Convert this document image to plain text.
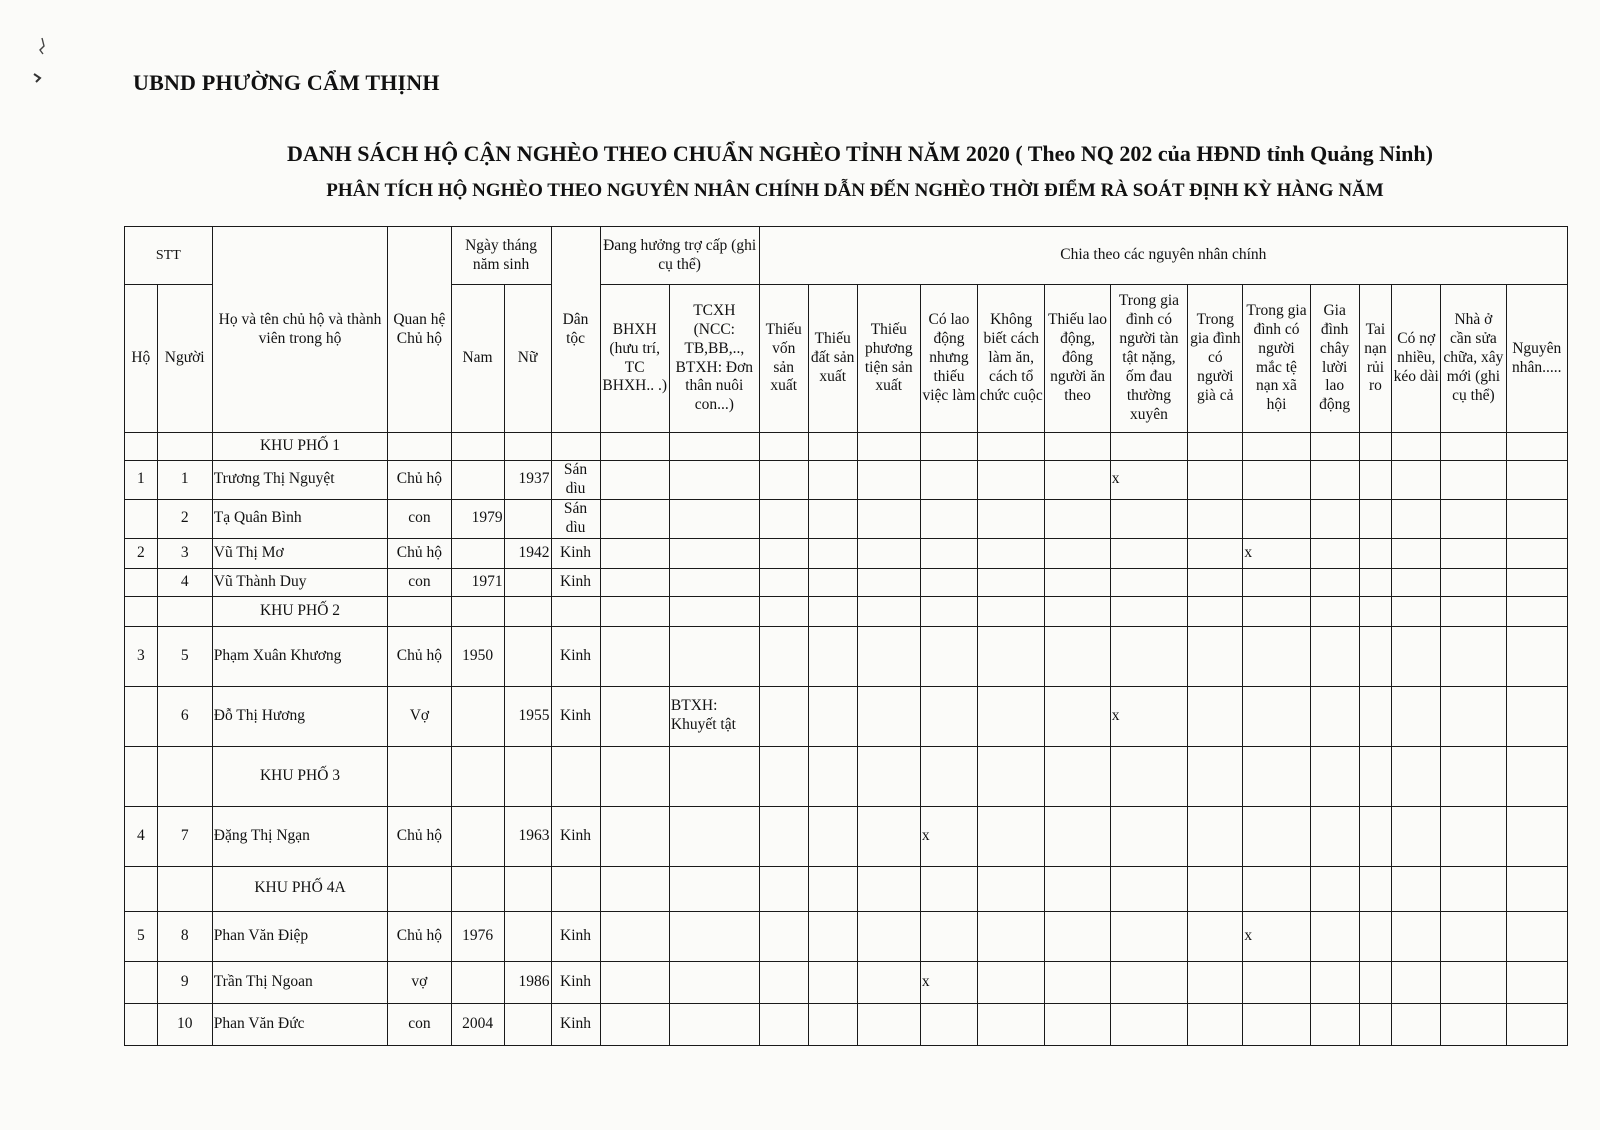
UBND PHƯỜNG CẨM THỊNH
DANH SÁCH HỘ CẬN NGHÈO THEO CHUẨN NGHÈO TỈNH NĂM 2020 ( Theo NQ 202 của HĐND tỉnh Quảng Ninh)
PHÂN TÍCH HỘ NGHÈO THEO NGUYÊN NHÂN CHÍNH DẪN ĐẾN NGHÈO THỜI ĐIỂM RÀ SOÁT ĐỊNH KỲ HÀNG NĂM
STT		Họ và tên chủ hộ và thành viên trong hộ	Quan hệ Chủ hộ	Ngày tháng năm sinh		Dân tộc	Đang hưởng trợ cấp (ghi cụ thể)		Chia theo các nguyên nhân chính													
Hộ	Người			Nam	Nữ		BHXH (hưu trí, TC BHXH.. .)	TCXH (NCC: TB,BB,.., BTXH: Đơn thân nuôi con...)	Thiếu vốn sản xuất	Thiếu đất sản xuất	Thiếu phương tiện sản xuất	Có lao động nhưng thiếu việc làm	Không biết cách làm ăn, cách tổ chức cuộc	Thiếu lao động, đông người ăn theo	Trong gia đình có người tàn tật nặng, ốm đau thường xuyên	Trong gia đình có người già cả	Trong gia đình có người mắc tệ nạn xã hội	Gia đình chây lười lao động	Tai nạn rủi ro	Có nợ nhiều, kéo dài	Nhà ở cần sửa chữa, xây mới (ghi cụ thể)	Nguyên nhân.....
		KHU PHỐ 1																				
1	1	Trương Thị Nguyệt	Chủ hộ		1937	Sán dìu									x							
	2	Tạ Quân Bình	con	1979		Sán dìu																
2	3	Vũ Thị Mơ	Chủ hộ		1942	Kinh											x					
	4	Vũ Thành Duy	con	1971		Kinh																
		KHU PHỐ 2																				
3	5	Phạm Xuân Khương	Chủ hộ	1950		Kinh																
	6	Đỗ Thị Hương	Vợ		1955	Kinh		BTXH: Khuyết tật							x							
		KHU PHỐ 3																				
4	7	Đặng Thị Ngạn	Chủ hộ		1963	Kinh						x										
		KHU PHỐ 4A																				
5	8	Phan Văn Điệp	Chủ hộ	1976		Kinh											x					
	9	Trần Thị Ngoan	vợ		1986	Kinh						x										
	10	Phan Văn Đức	con	2004		Kinh																
